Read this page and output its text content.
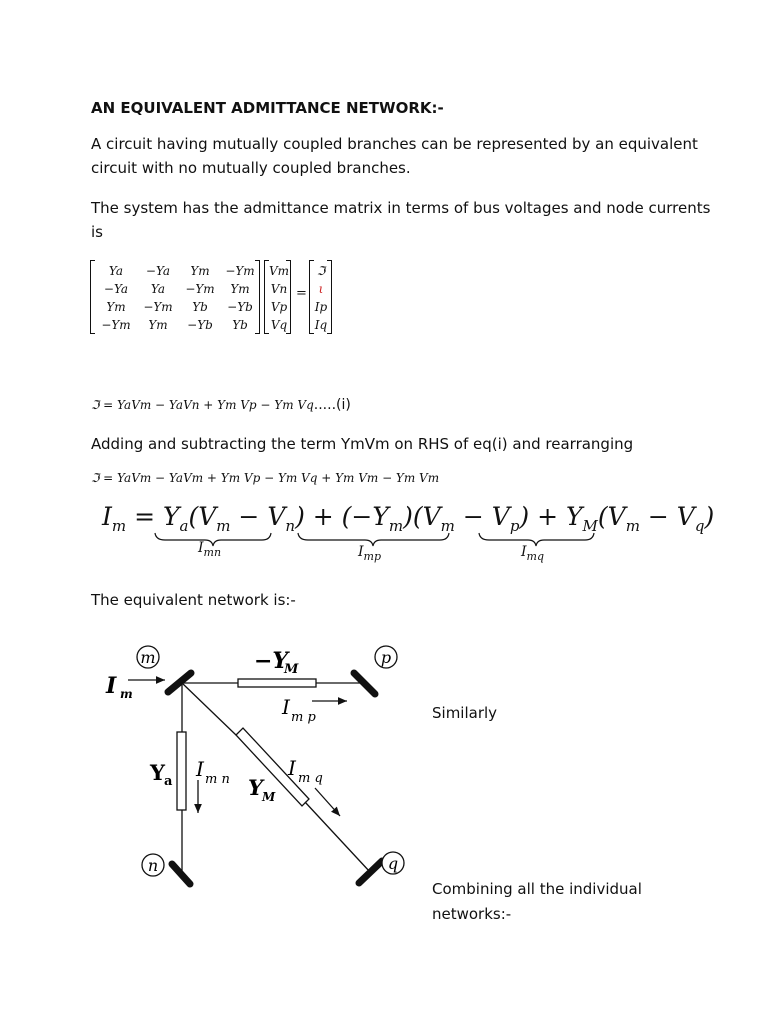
AN EQUIVALENT ADMITTANCE NETWORK:-
A circuit having mutually coupled branches can be represented by an equivalent
circuit with no mutually coupled branches.
The system has the admittance matrix in terms of bus voltages and node currents
is
Ya	−Ya	Ym	−Ym
−Ya	Ya	−Ym	Ym
Ym	−Ym	Yb	−Yb
−Ym	Ym	−Yb	Yb
Vm
Vn
Vp
Vq
=
ℑ
ι
Ip
Iq
ℑ = YaVm − YaVn + Ym Vp − Ym Vq.....(i)
Adding and subtracting the term YmVm on RHS of eq(i) and rearranging
ℑ = YaVm − YaVm + Ym Vp − Ym Vq + Ym Vm − Ym Vm
$I_m = Y_a(V_m - V_n) + (-Y_m)(V_m - V_p) + Y_M(V_m - V_q)$
$I_{mn}$	$I_{mp}$	$I_{mq}$
The equivalent network is:-
m	p
n	q
I m
−Y
M
I m p
Y a
I m n Y M
I m q
Similarly
Combining all the individual
networks:-
